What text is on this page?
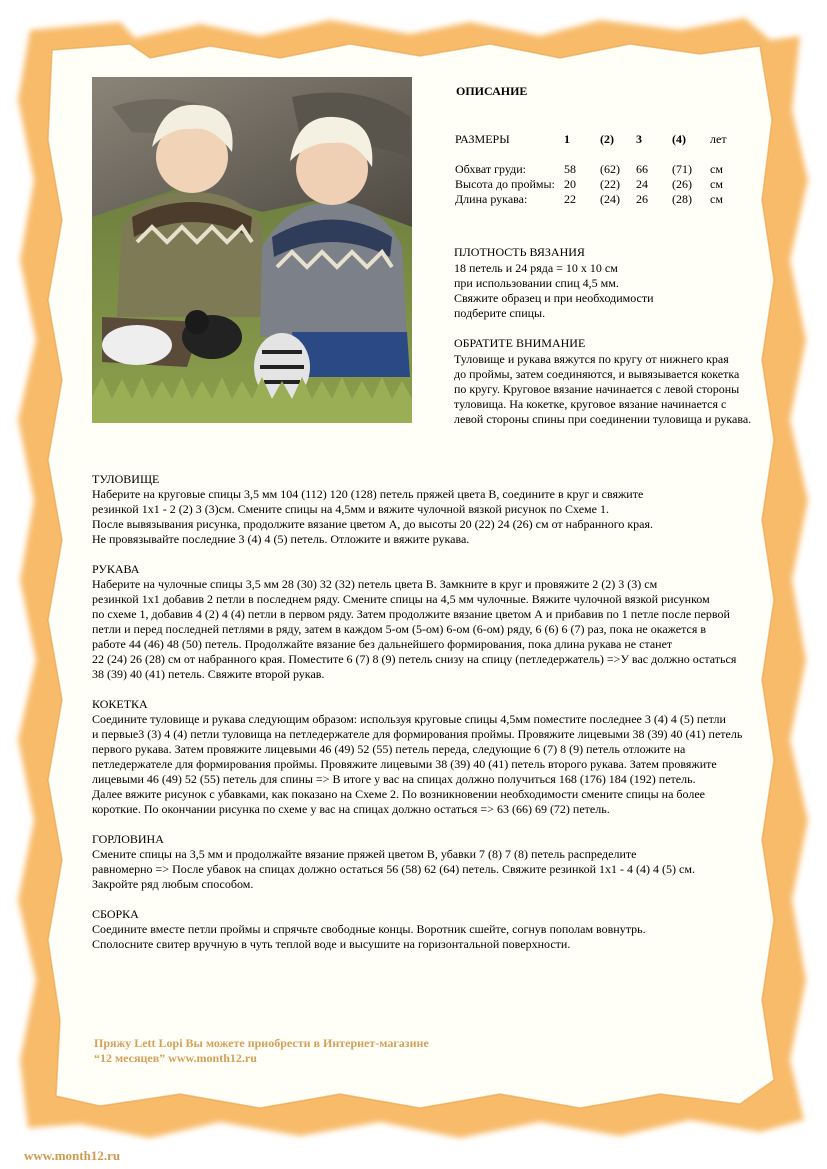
ОПИСАНИЕ
РАЗМЕРЫ	1	(2)	3	(4)	лет

Обхват груди:	58	(62)	66	(71)	см
Высота до проймы:	20	(22)	24	(26)	см
Длина рукава:	22	(24)	26	(28)	см
ПЛОТНОСТЬ ВЯЗАНИЯ
18 петель и 24 ряда = 10 х 10 см
при использовании спиц 4,5 мм.
Свяжите образец и при необходимости
подберите спицы.
ОБРАТИТЕ ВНИМАНИЕ
Туловище и рукава вяжутся по кругу от нижнего края
до проймы, затем соединяются, и вывязывается кокетка
по кругу. Круговое вязание начинается с левой стороны
туловища. На кокетке, круговое вязание начинается с
левой стороны спины при соединении туловища и рукава.
ТУЛОВИЩЕ

Наберите на круговые спицы 3,5 мм 104 (112) 120 (128) петель пряжей цвета В, соедините в круг и свяжите

резинкой 1х1 - 2 (2) 3 (3)см. Смените спицы на 4,5мм и вяжите чулочной вязкой рисунок по Схеме 1.

После вывязывания рисунка, продолжите вязание цветом А, до высоты 20 (22) 24 (26) см от набранного края.

Не провязывайте последние 3 (4) 4 (5) петель. Отложите и вяжите рукава.

РУКАВА

Наберите на чулочные спицы 3,5 мм 28 (30) 32 (32) петель цвета В. Замкните в круг и провяжите 2 (2) 3 (3) см

резинкой 1х1 добавив 2 петли в последнем ряду. Смените спицы на 4,5 мм чулочные. Вяжите чулочной вязкой рисунком

по схеме 1, добавив 4 (2) 4 (4) петли в первом ряду. Затем продолжите вязание цветом А и прибавив по 1 петле после первой

петли и перед последней петлями в ряду, затем в каждом 5-ом (5-ом) 6-ом (6-ом) ряду, 6 (6) 6 (7) раз, пока не окажется в

работе 44 (46) 48 (50) петель. Продолжайте вязание без дальнейшего формирования, пока длина рукава не станет

22 (24) 26 (28) см от набранного края. Поместите 6 (7) 8 (9) петель снизу на спицу (петледержатель) =>У вас должно остаться

38 (39) 40 (41) петель. Свяжите второй рукав.

КОКЕТКА

Соедините туловище и рукава следующим образом: используя круговые спицы 4,5мм поместите последнее 3 (4) 4 (5) петли

и первые3 (3) 4 (4) петли туловища на петледержателе для формирования проймы. Провяжите лицевыми 38 (39) 40 (41) петель

первого рукава. Затем провяжите лицевыми 46 (49) 52 (55) петель переда, следующие 6 (7) 8 (9) петель отложите на

петледержателе для формирования проймы. Провяжите лицевыми 38 (39) 40 (41) петель второго рукава. Затем провяжите

лицевыми 46 (49) 52 (55) петель для спины => В итоге у вас на спицах должно получиться 168 (176) 184 (192) петель.

Далее вяжите рисунок с убавками, как показано на Схеме 2. По возникновении необходимости смените спицы на более

короткие. По окончании рисунка по схеме у вас на спицах должно остаться => 63 (66) 69 (72) петель.

ГОРЛОВИНА

Смените спицы на 3,5 мм и продолжайте вязание пряжей цветом В, убавки 7 (8) 7 (8) петель распределите

равномерно => После убавок на спицах должно остаться 56 (58) 62 (64) петель. Свяжите резинкой 1х1 - 4 (4) 4 (5) см.

Закройте ряд любым способом.

СБОРКА

Соедините вместе петли проймы и спрячьте свободные концы. Воротник сшейте, согнув пополам вовнутрь.

Сполосните свитер вручную в чуть теплой воде и высушите на горизонтальной поверхности.

Пряжу Lett Lopi Вы можете приобрести в Интернет-магазине
“12 месяцев” www.month12.ru
www.month12.ru
